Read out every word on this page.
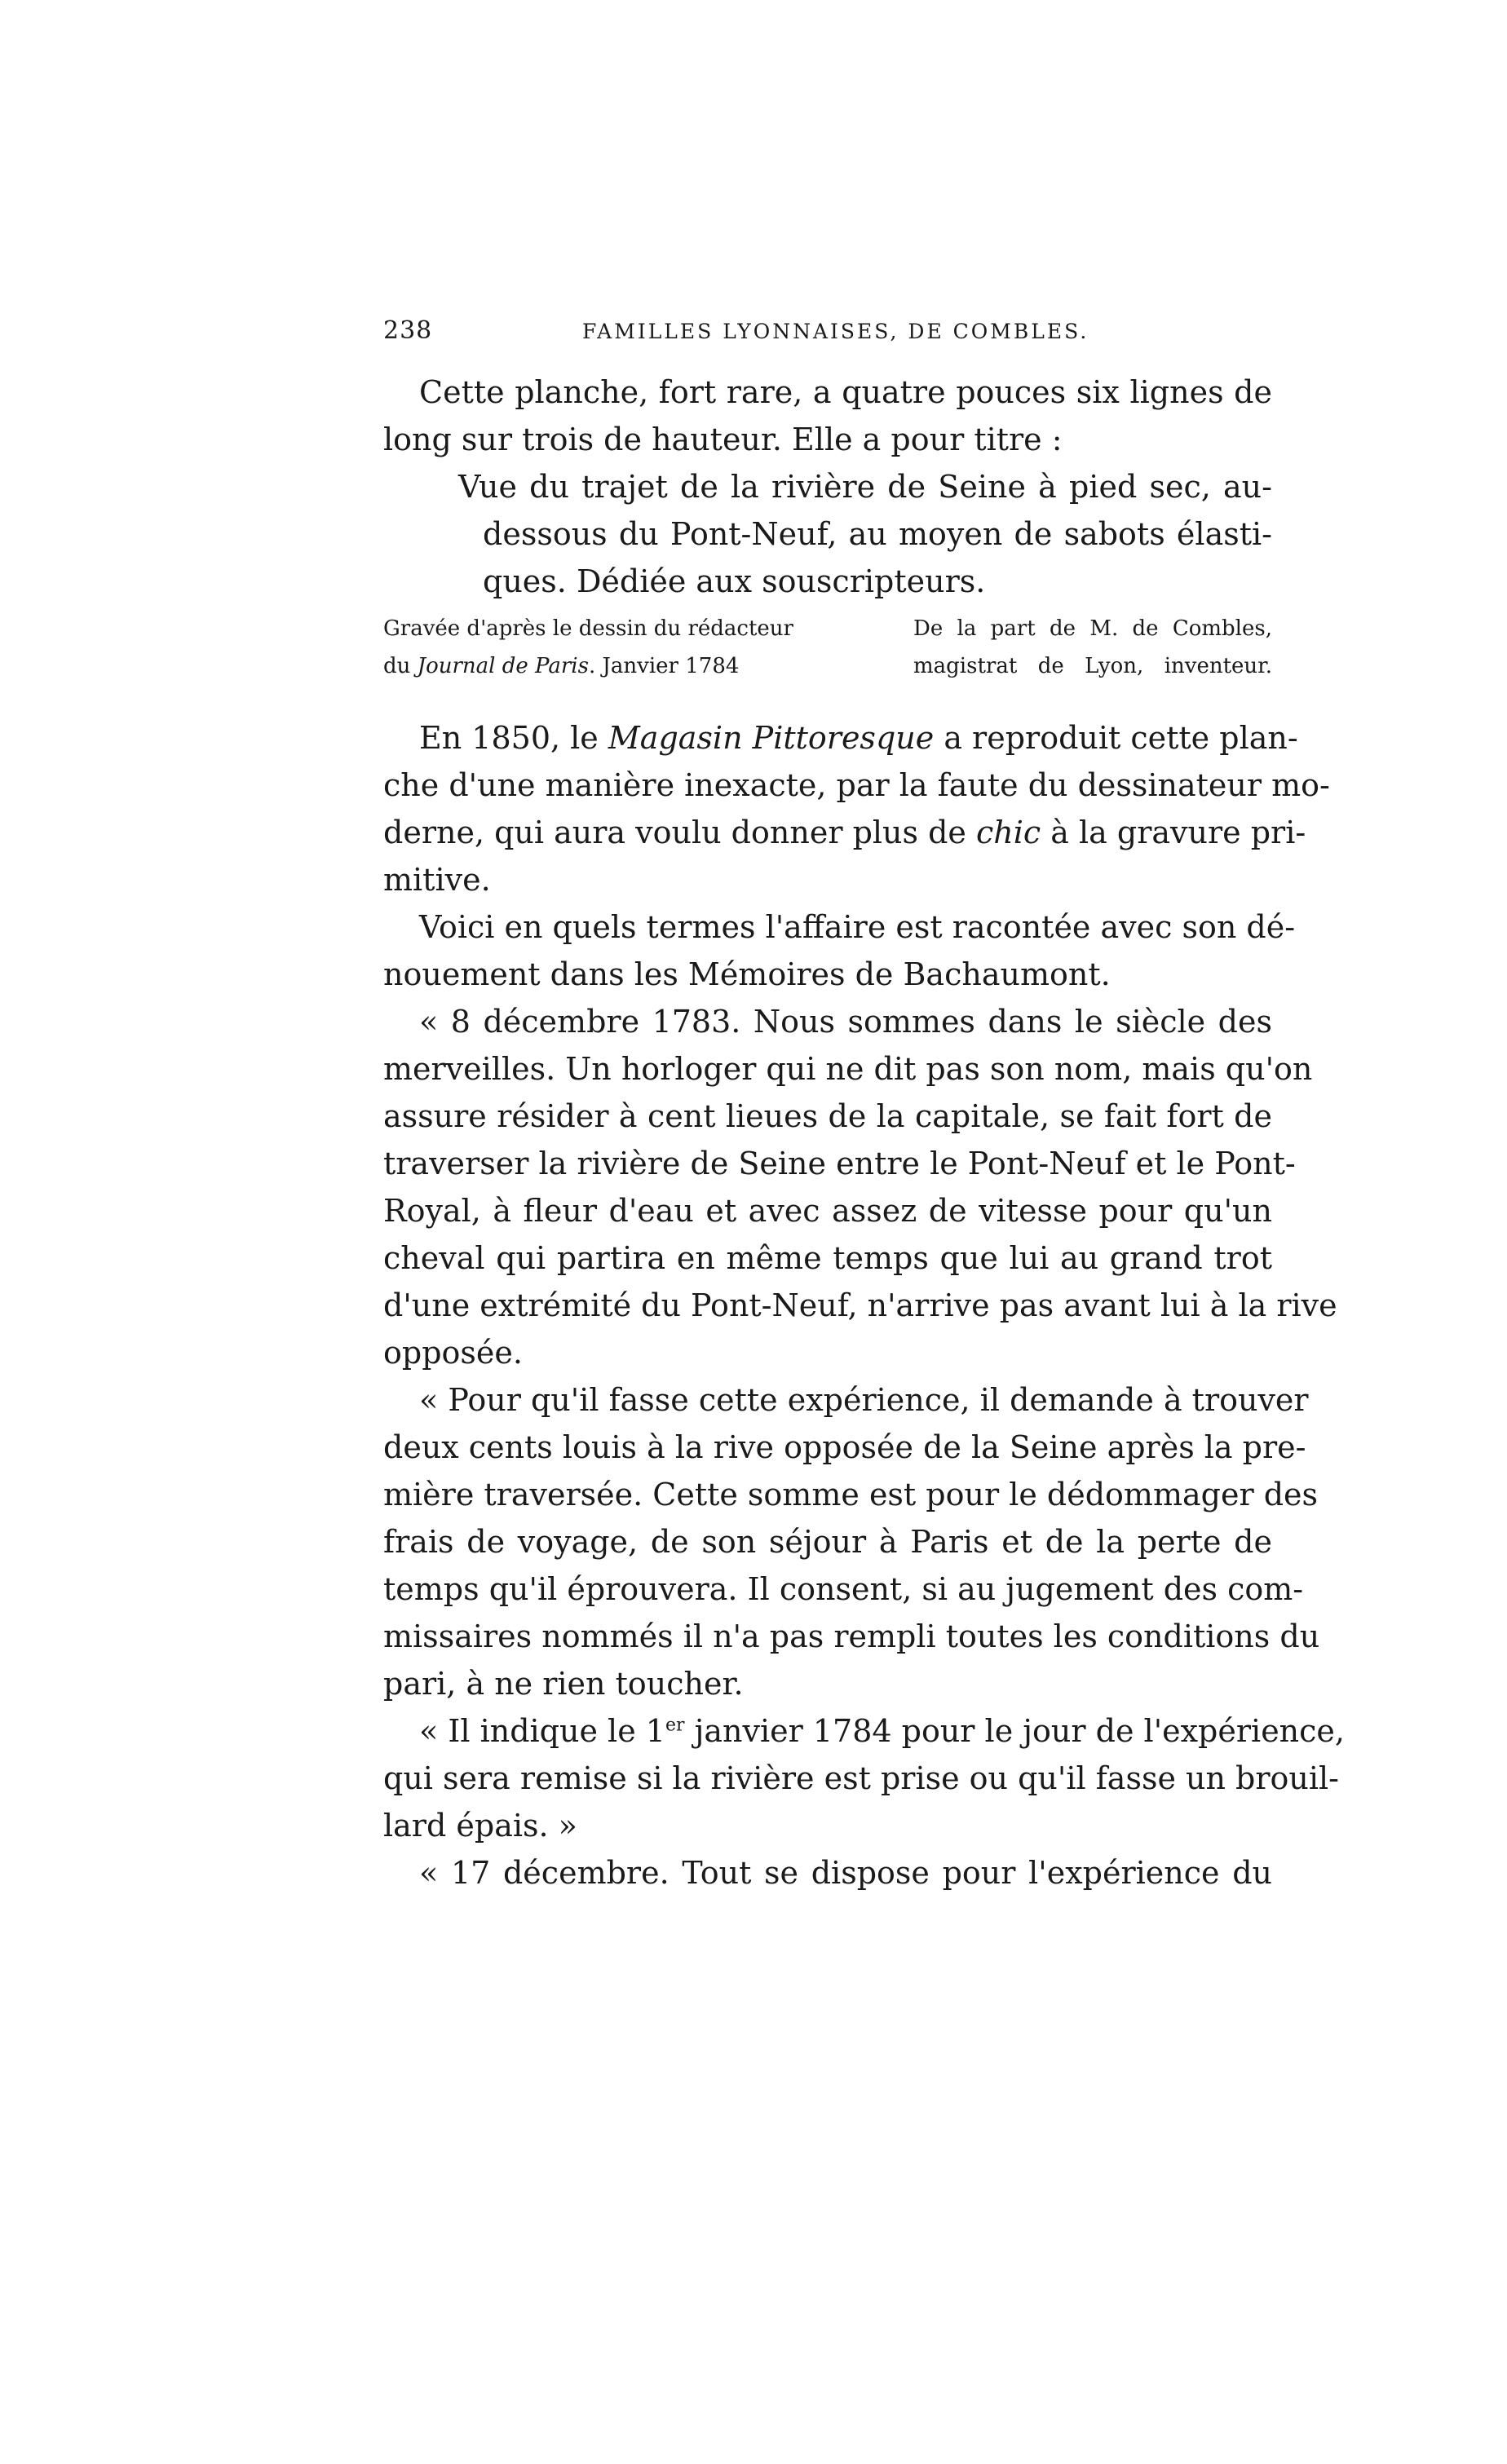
238	FAMILLES LYONNAISES, DE COMBLES.
Cette planche, fort rare, a quatre pouces six lignes de
long sur trois de hauteur. Elle a pour titre :
Vue du trajet de la rivière de Seine à pied sec, au-
dessous du Pont-Neuf, au moyen de sabots élasti-
ques. Dédiée aux souscripteurs.
Gravée d'après le dessin du rédacteur
du Journal de Paris. Janvier 1784
De la part de M. de Combles,
magistrat de Lyon, inventeur.
En 1850, le Magasin Pittoresque a reproduit cette plan-
che d'une manière inexacte, par la faute du dessinateur mo-
derne, qui aura voulu donner plus de chic à la gravure pri-
mitive.
Voici en quels termes l'affaire est racontée avec son dé-
nouement dans les Mémoires de Bachaumont.
« 8 décembre 1783. Nous sommes dans le siècle des
merveilles. Un horloger qui ne dit pas son nom, mais qu'on
assure résider à cent lieues de la capitale, se fait fort de
traverser la rivière de Seine entre le Pont-Neuf et le Pont-
Royal, à fleur d'eau et avec assez de vitesse pour qu'un
cheval qui partira en même temps que lui au grand trot
d'une extrémité du Pont-Neuf, n'arrive pas avant lui à la rive
opposée.
« Pour qu'il fasse cette expérience, il demande à trouver
deux cents louis à la rive opposée de la Seine après la pre-
mière traversée. Cette somme est pour le dédommager des
frais de voyage, de son séjour à Paris et de la perte de
temps qu'il éprouvera. Il consent, si au jugement des com-
missaires nommés il n'a pas rempli toutes les conditions du
pari, à ne rien toucher.
« Il indique le 1er janvier 1784 pour le jour de l'expérience,
qui sera remise si la rivière est prise ou qu'il fasse un brouil-
lard épais. »
« 17 décembre. Tout se dispose pour l'expérience du
